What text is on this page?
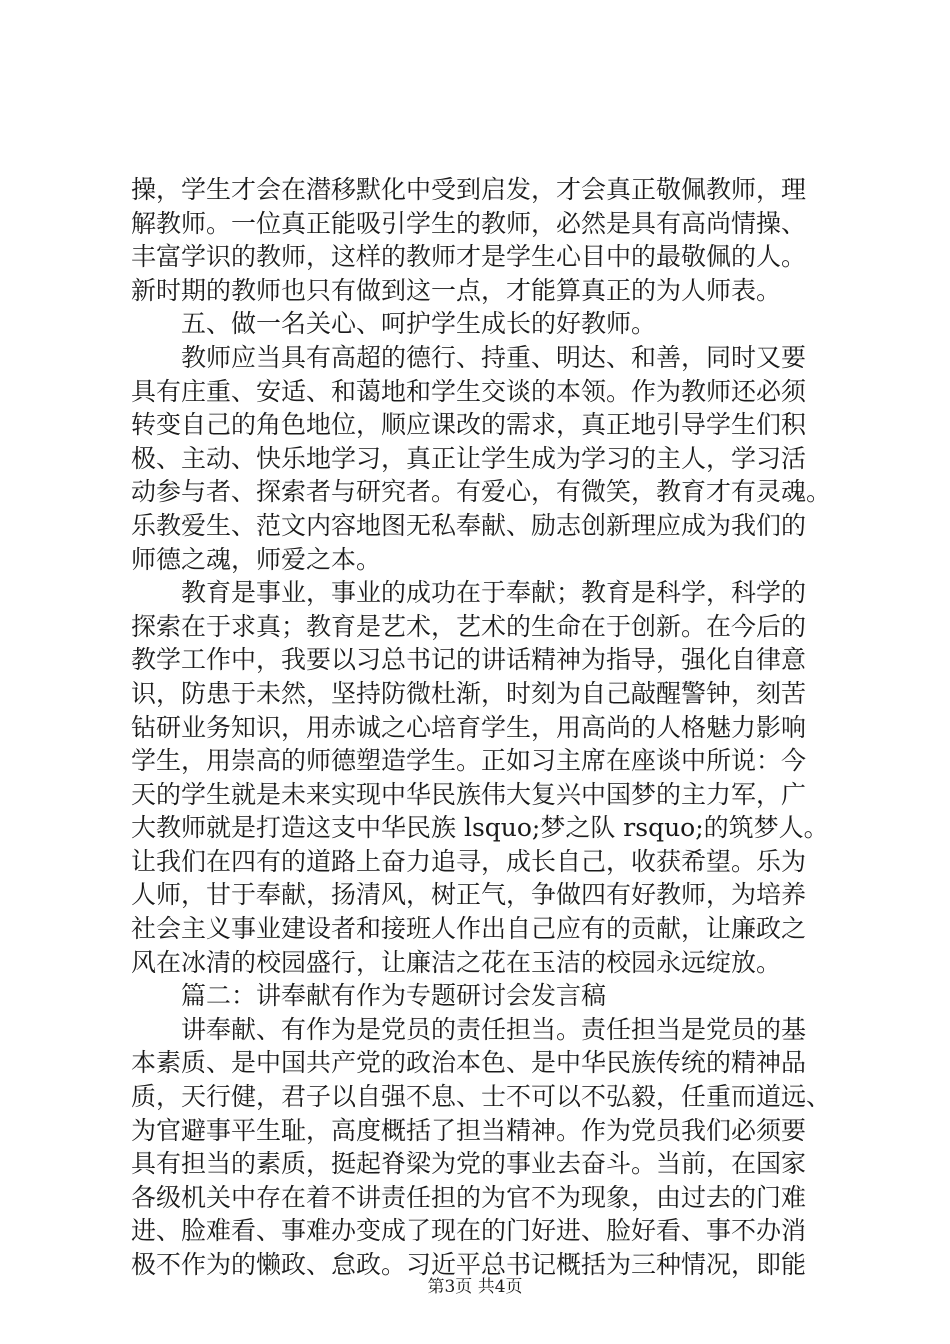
操，学生才会在潜移默化中受到启发，才会真正敬佩教师，理
解教师。一位真正能吸引学生的教师，必然是具有高尚情操、
丰富学识的教师，这样的教师才是学生心目中的最敬佩的人。
新时期的教师也只有做到这一点，才能算真正的为人师表。
五、做一名关心、呵护学生成长的好教师。
教师应当具有高超的德行、持重、明达、和善，同时又要
具有庄重、安适、和蔼地和学生交谈的本领。作为教师还必须
转变自己的角色地位，顺应课改的需求，真正地引导学生们积
极、主动、快乐地学习，真正让学生成为学习的主人，学习活
动参与者、探索者与研究者。有爱心，有微笑，教育才有灵魂。
乐教爱生、范文内容地图无私奉献、励志创新理应成为我们的
师德之魂，师爱之本。
教育是事业，事业的成功在于奉献；教育是科学，科学的
探索在于求真；教育是艺术，艺术的生命在于创新。在今后的
教学工作中，我要以习总书记的讲话精神为指导，强化自律意
识，防患于未然，坚持防微杜渐，时刻为自己敲醒警钟，刻苦
钻研业务知识，用赤诚之心培育学生，用高尚的人格魅力影响
学生，用崇高的师德塑造学生。正如习主席在座谈中所说：今
天的学生就是未来实现中华民族伟大复兴中国梦的主力军，广
大教师就是打造这支中华民族 lsquo;梦之队 rsquo;的筑梦人。
让我们在四有的道路上奋力追寻，成长自己，收获希望。乐为
人师，甘于奉献，扬清风，树正气，争做四有好教师，为培养
社会主义事业建设者和接班人作出自己应有的贡献，让廉政之
风在冰清的校园盛行，让廉洁之花在玉洁的校园永远绽放。
篇二：讲奉献有作为专题研讨会发言稿
讲奉献、有作为是党员的责任担当。责任担当是党员的基
本素质、是中国共产党的政治本色、是中华民族传统的精神品
质，天行健，君子以自强不息、士不可以不弘毅，任重而道远、
为官避事平生耻，高度概括了担当精神。作为党员我们必须要
具有担当的素质，挺起脊梁为党的事业去奋斗。当前，在国家
各级机关中存在着不讲责任担的为官不为现象，由过去的门难
进、脸难看、事难办变成了现在的门好进、脸好看、事不办消
极不作为的懒政、怠政。习近平总书记概括为三种情况，即能
第3页 共4页
